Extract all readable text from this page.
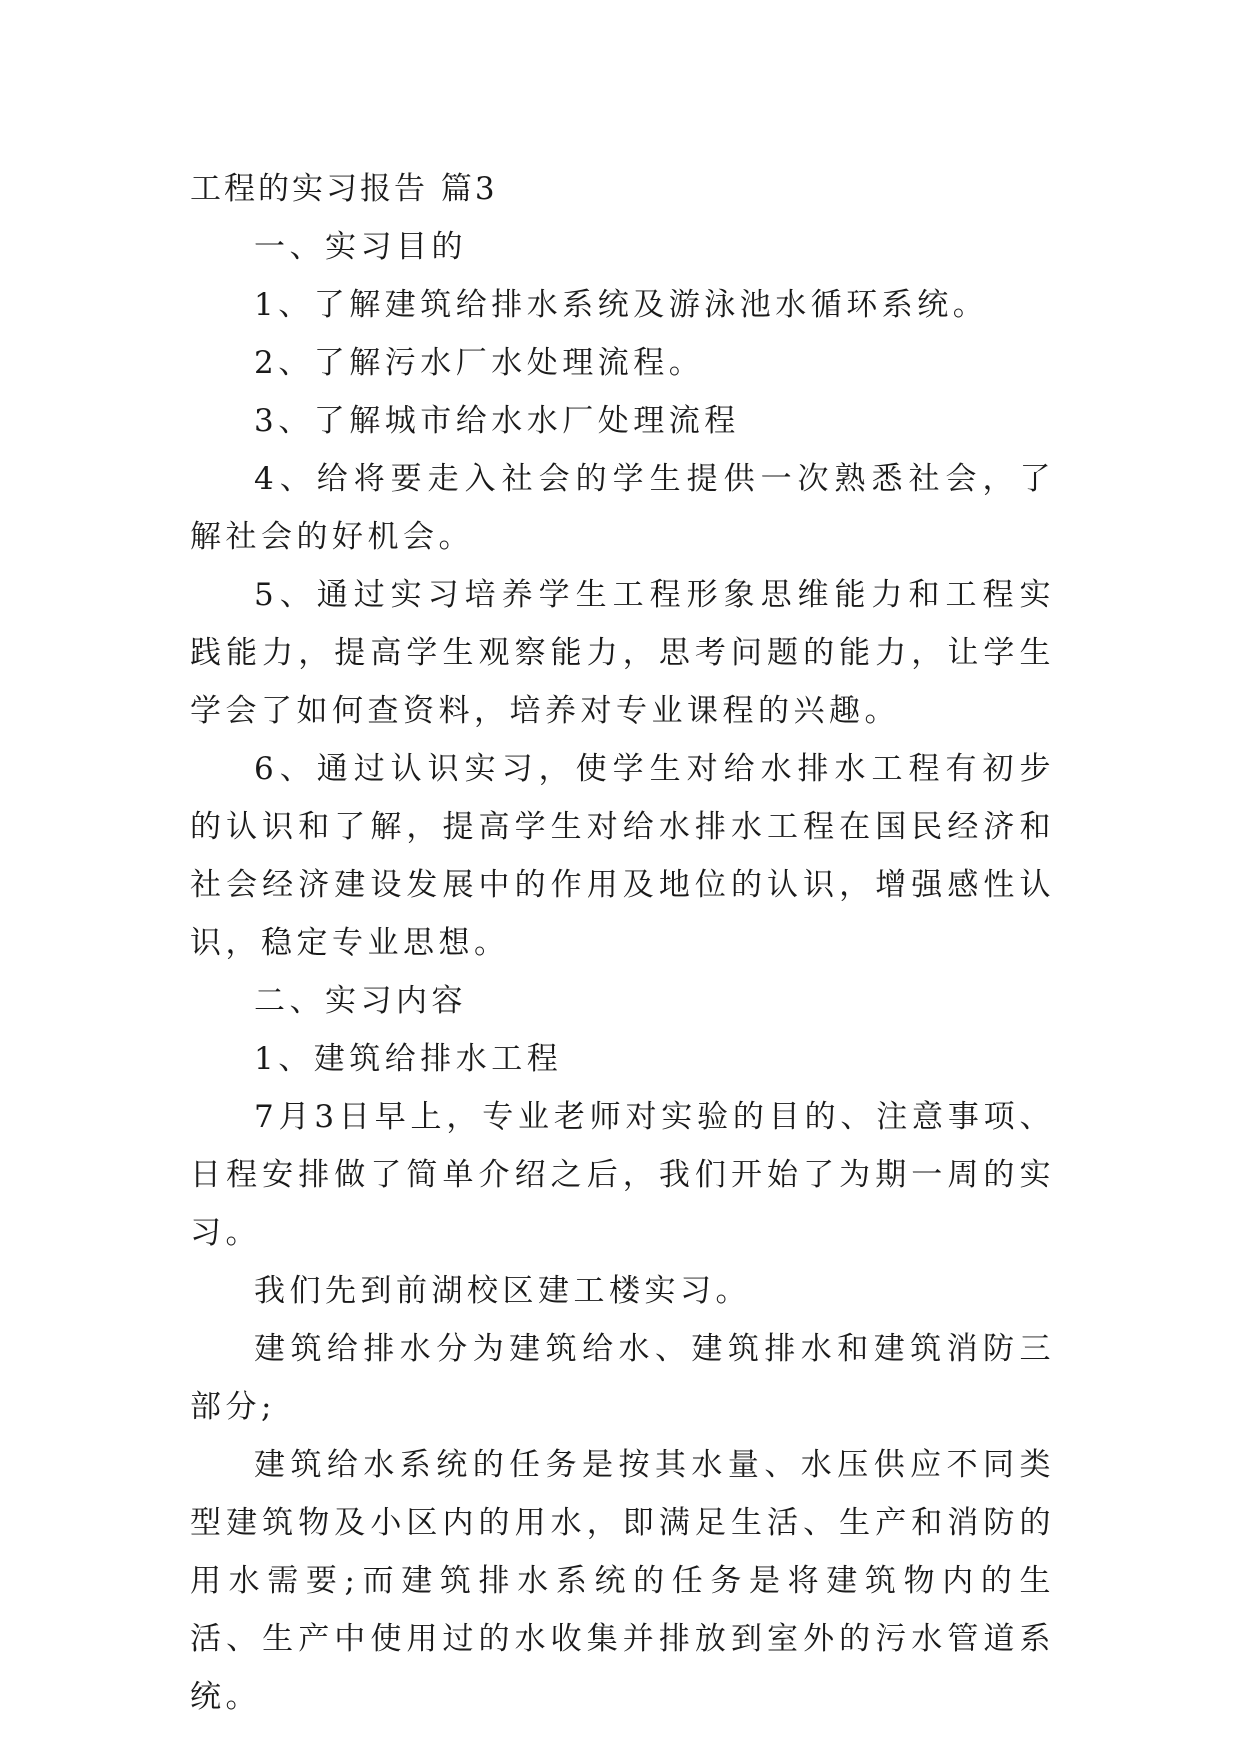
工程的实习报告 篇3

一、实习目的

1、了解建筑给排水系统及游泳池水循环系统。

2、了解污水厂水处理流程。

3、了解城市给水水厂处理流程

4、给将要走入社会的学生提供一次熟悉社会，了解社会的好机会。

5、通过实习培养学生工程形象思维能力和工程实践能力，提高学生观察能力，思考问题的能力，让学生学会了如何查资料，培养对专业课程的兴趣。

6、通过认识实习，使学生对给水排水工程有初步的认识和了解，提高学生对给水排水工程在国民经济和社会经济建设发展中的作用及地位的认识，增强感性认识，稳定专业思想。

二、实习内容

1、建筑给排水工程

7月3日早上，专业老师对实验的目的、注意事项、日程安排做了简单介绍之后，我们开始了为期一周的实习。

我们先到前湖校区建工楼实习。

建筑给排水分为建筑给水、建筑排水和建筑消防三部分;

建筑给水系统的任务是按其水量、水压供应不同类型建筑物及小区内的用水，即满足生活、生产和消防的用水需要;而建筑排水系统的任务是将建筑物内的生活、生产中使用过的水收集并排放到室外的污水管道系统。
